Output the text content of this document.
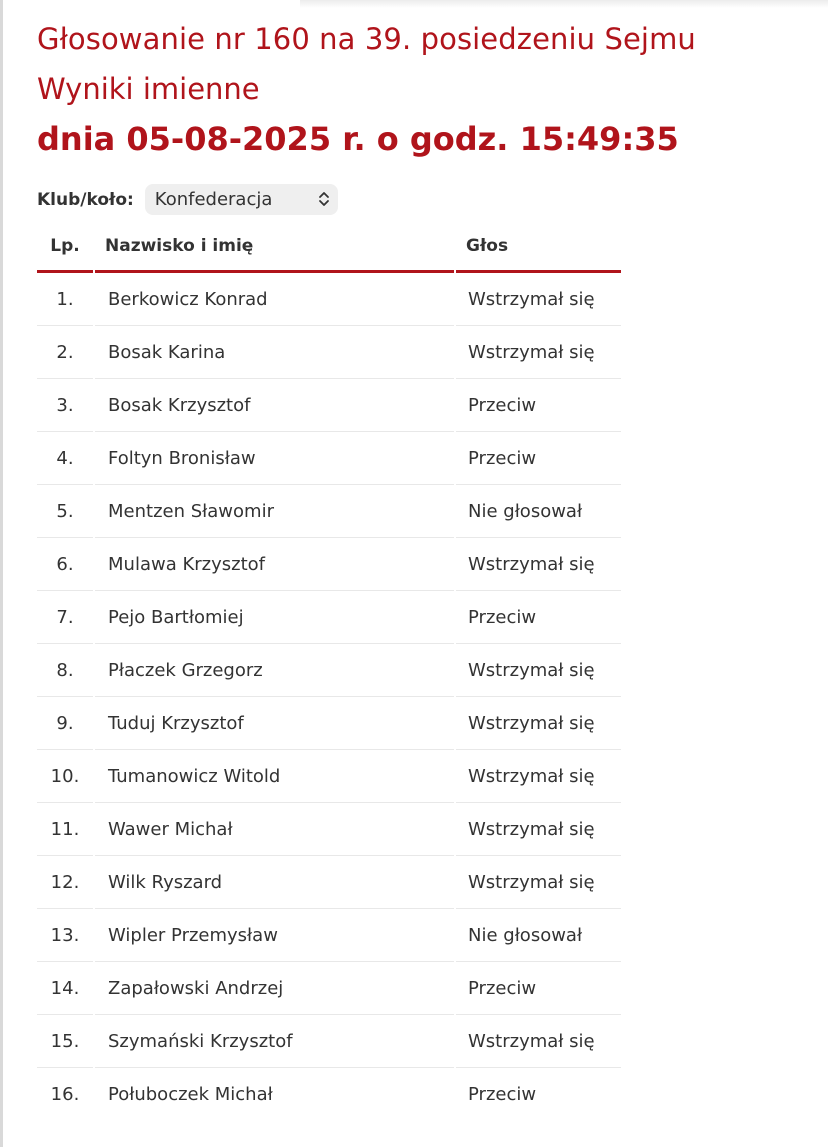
Głosowanie nr 160 na 39. posiedzeniu Sejmu
Wyniki imienne
dnia 05-08-2025 r. o godz. 15:49:35
Klub/koło: Konfederacja
Lp.		Nazwisko i imię		Głos
1.		Berkowicz Konrad		Wstrzymał się
2.		Bosak Karina		Wstrzymał się
3.		Bosak Krzysztof		Przeciw
4.		Foltyn Bronisław		Przeciw
5.		Mentzen Sławomir		Nie głosował
6.		Mulawa Krzysztof		Wstrzymał się
7.		Pejo Bartłomiej		Przeciw
8.		Płaczek Grzegorz		Wstrzymał się
9.		Tuduj Krzysztof		Wstrzymał się
10.		Tumanowicz Witold		Wstrzymał się
11.		Wawer Michał		Wstrzymał się
12.		Wilk Ryszard		Wstrzymał się
13.		Wipler Przemysław		Nie głosował
14.		Zapałowski Andrzej		Przeciw
15.		Szymański Krzysztof		Wstrzymał się
16.		Połuboczek Michał		Przeciw
